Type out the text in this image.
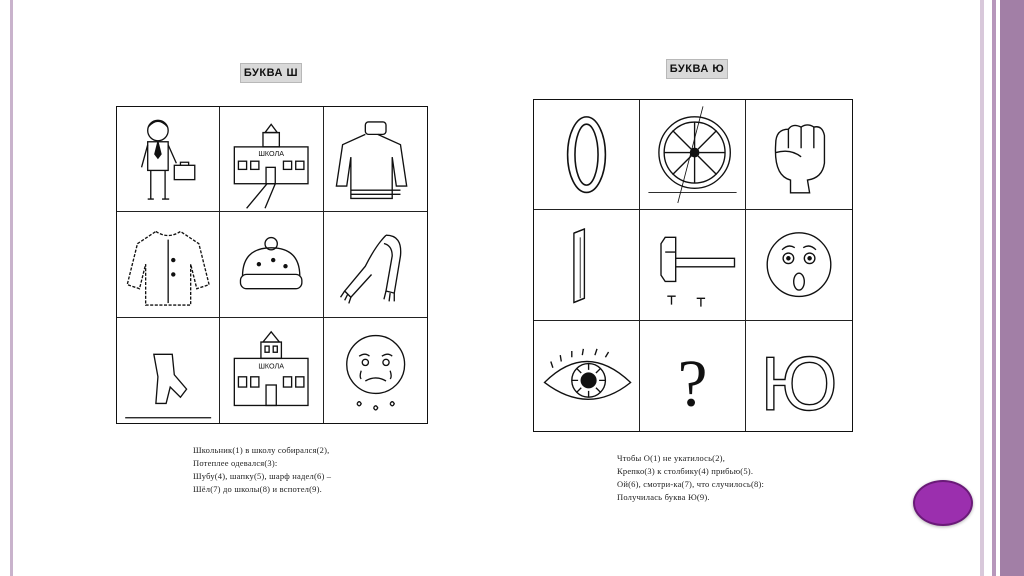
БУКВА Ш
ШКОЛА
ШКОЛА
Школьник(1) в школу собирался(2),
Потеплее одевался(3):
Шубу(4), шапку(5), шарф надел(6) –
Шёл(7) до школы(8) и вспотел(9).
БУКВА Ю
? Ю
Чтобы О(1) не укатилось(2),
Крепко(3) к столбику(4) прибью(5).
Ой(6), смотри-ка(7), что случилось(8):
Получилась буква Ю(9).
